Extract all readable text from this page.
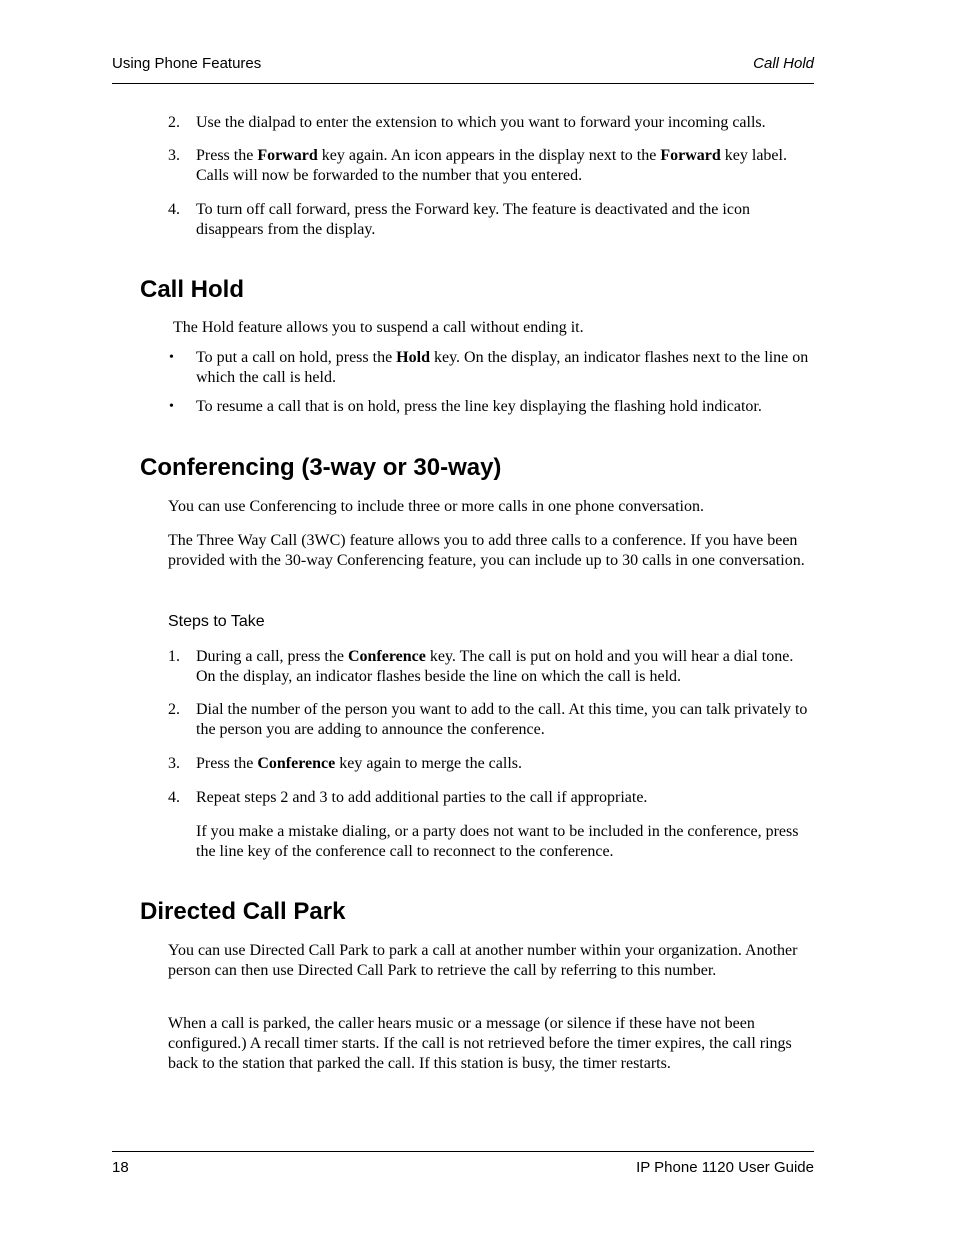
Using Phone Features	Call Hold
2. Use the dialpad to enter the extension to which you want to forward your incoming calls.
3. Press the Forward key again. An icon appears in the display next to the Forward key label. Calls will now be forwarded to the number that you entered.
4. To turn off call forward, press the Forward key. The feature is deactivated and the icon disappears from the display.
Call Hold
The Hold feature allows you to suspend a call without ending it.
• To put a call on hold, press the Hold key. On the display, an indicator flashes next to the line on which the call is held.
• To resume a call that is on hold, press the line key displaying the flashing hold indicator.
Conferencing (3-way or 30-way)
You can use Conferencing to include three or more calls in one phone conversation.
The Three Way Call (3WC) feature allows you to add three calls to a conference. If you have been provided with the 30-way Conferencing feature, you can include up to 30 calls in one conversation.
Steps to Take
1. During a call, press the Conference key. The call is put on hold and you will hear a dial tone. On the display, an indicator flashes beside the line on which the call is held.
2. Dial the number of the person you want to add to the call. At this time, you can talk privately to the person you are adding to announce the conference.
3. Press the Conference key again to merge the calls.
4. Repeat steps 2 and 3 to add additional parties to the call if appropriate.
If you make a mistake dialing, or a party does not want to be included in the conference, press the line key of the conference call to reconnect to the conference.
Directed Call Park
You can use Directed Call Park to park a call at another number within your organization. Another person can then use Directed Call Park to retrieve the call by referring to this number.
When a call is parked, the caller hears music or a message (or silence if these have not been configured.) A recall timer starts. If the call is not retrieved before the timer expires, the call rings back to the station that parked the call. If this station is busy, the timer restarts.
18	IP Phone 1120 User Guide
